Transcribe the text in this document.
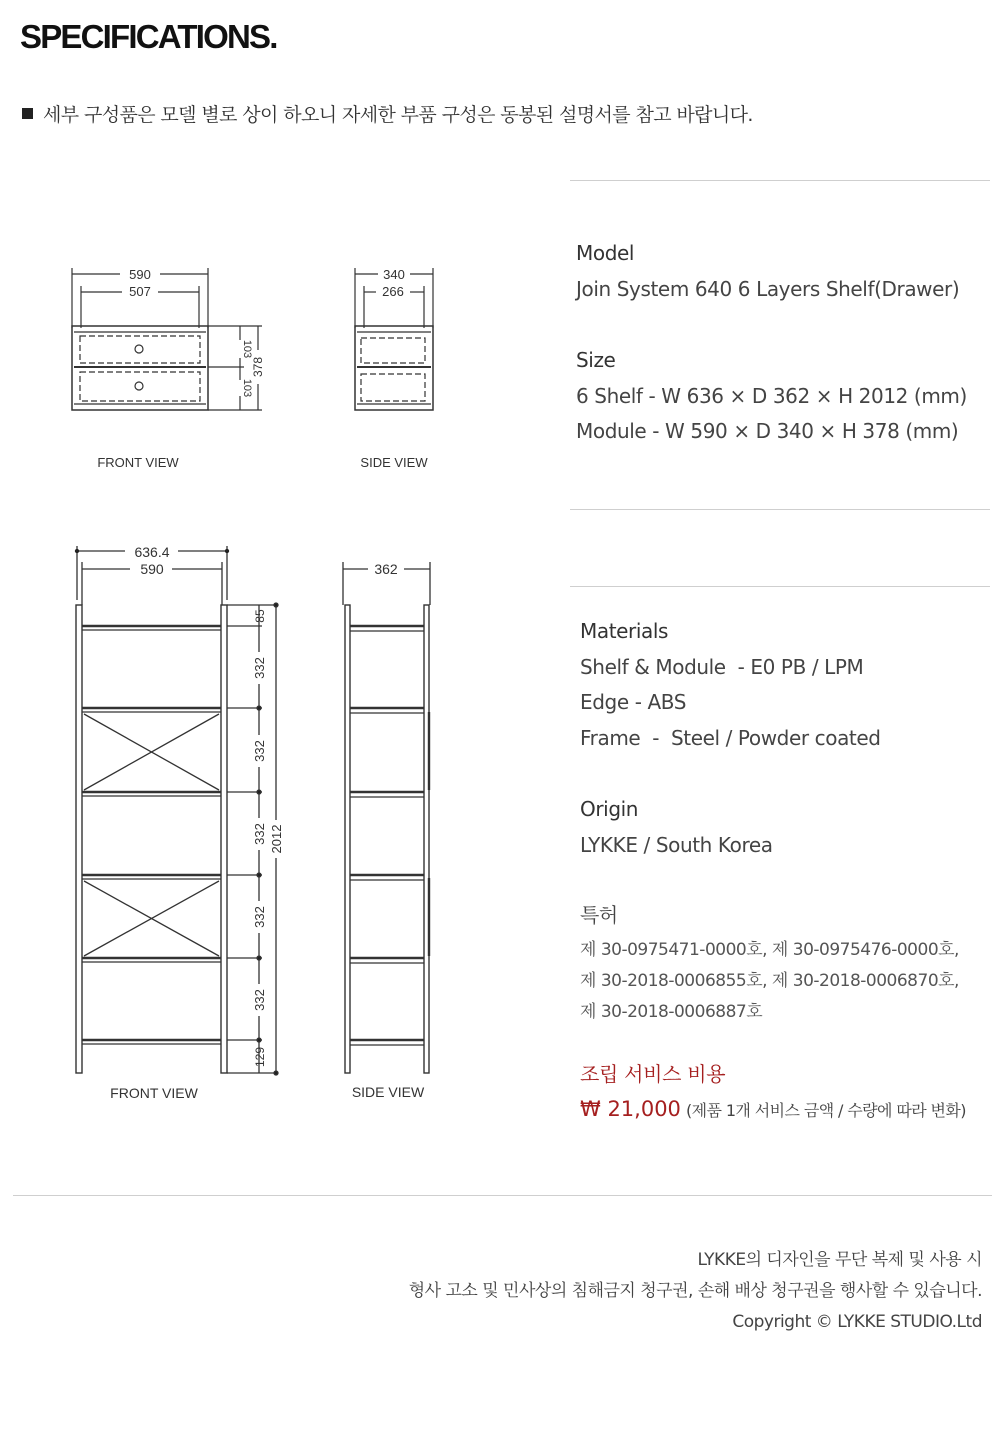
SPECIFICATIONS.
세부 구성품은 모델 별로 상이 하오니 자세한 부품 구성은 동봉된 설명서를 참고 바랍니다.
590
507
103
103
378
FRONT VIEW
340
266
SIDE VIEW
636.4
590
85
332
332
332
332
332
129
2012
FRONT VIEW
362
SIDE VIEW
Model
Join System 640 6 Layers Shelf(Drawer)
Size
6 Shelf - W 636 × D 362 × H 2012 (mm)
Module - W 590 × D 340 × H 378 (mm)
Materials
Shelf & Module  - E0 PB / LPM
Edge - ABS
Frame  -  Steel / Powder coated
Origin
LYKKE / South Korea
특허
제 30-0975471-0000호, 제 30-0975476-0000호,
제 30-2018-0006855호, 제 30-2018-0006870호,
제 30-2018-0006887호
조립 서비스 비용
₩ 21,000 (제품 1개 서비스 금액 / 수량에 따라 변화)
LYKKE의 디자인을 무단 복제 및 사용 시
형사 고소 및 민사상의 침해금지 청구권, 손해 배상 청구권을 행사할 수 있습니다.
Copyright © LYKKE STUDIO.Ltd
